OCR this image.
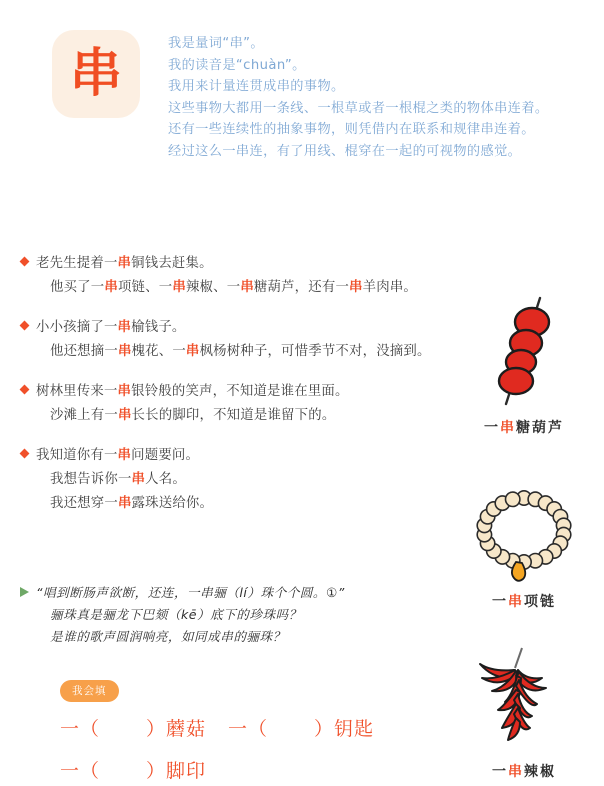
串
我是量词“串”。
我的读音是“chuàn”。
我用来计量连贯成串的事物。
这些事物大都用一条线、一根草或者一根棍之类的物体串连着。
还有一些连续性的抽象事物，则凭借内在联系和规律串连着。
经过这么一串连，有了用线、棍穿在一起的可视物的感觉。
老先生提着一串铜钱去赶集。
他买了一串项链、一串辣椒、一串糖葫芦，还有一串羊肉串。
小小孩摘了一串榆钱子。
他还想摘一串槐花、一串枫杨树种子，可惜季节不对，没摘到。
树林里传来一串银铃般的笑声，不知道是谁在里面。
沙滩上有一串长长的脚印，不知道是谁留下的。
我知道你有一串问题要问。
我想告诉你一串人名。
我还想穿一串露珠送给你。
“唱到断肠声欲断，还连，一串骊（lí）珠个个圆。①”
骊珠真是骊龙下巴颏（kē）底下的珍珠吗？
是谁的歌声圆润响亮，如同成串的骊珠？
我会填
一（ ）蘑菇 一（ ）钥匙
一（ ）脚印
一串糖葫芦
一串项链
一串辣椒
